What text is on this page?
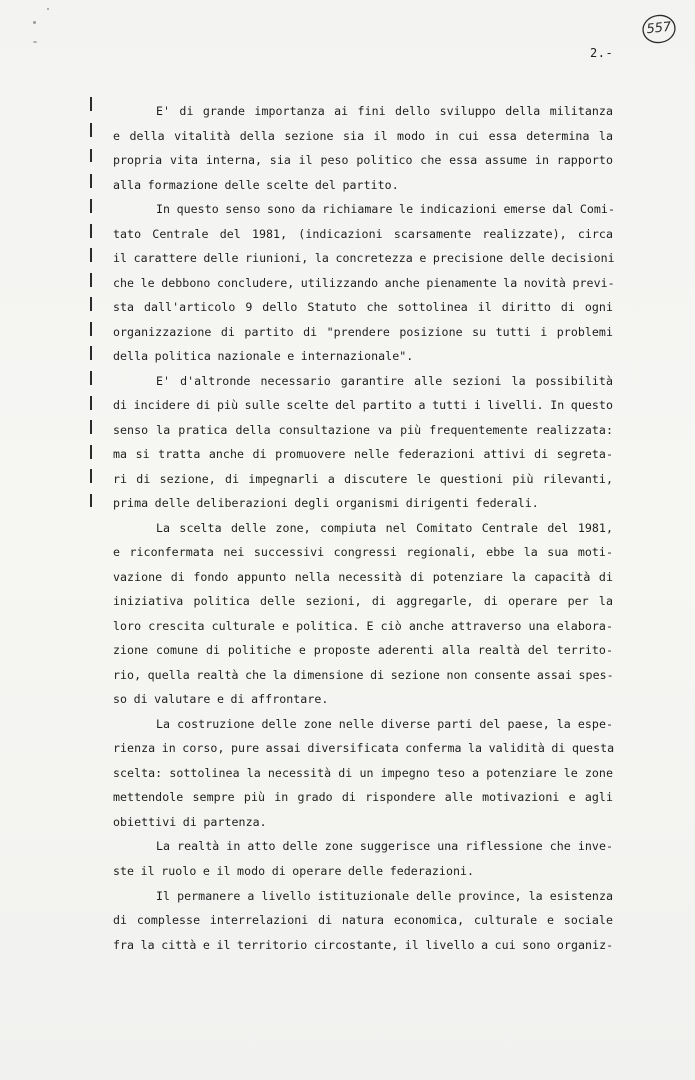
557
2.-
E' di grande importanza ai fini dello sviluppo della militanza
e della vitalità della sezione sia il modo in cui essa determina la
propria vita interna, sia il peso politico che essa assume in rapporto
alla formazione delle scelte del partito.
In questo senso sono da richiamare le indicazioni emerse dal Comi-
tato Centrale del 1981, (indicazioni scarsamente realizzate), circa
il carattere delle riunioni, la concretezza e precisione delle decisioni
che le debbono concludere, utilizzando anche pienamente la novità previ-
sta dall'articolo 9 dello Statuto che sottolinea il diritto di ogni
organizzazione di partito di "prendere posizione su tutti i problemi
della politica nazionale e internazionale".
E' d'altronde necessario garantire alle sezioni la possibilità
di incidere di più sulle scelte del partito a tutti i livelli. In questo
senso la pratica della consultazione va più frequentemente realizzata:
ma si tratta anche di promuovere nelle federazioni attivi di segreta-
ri di sezione, di impegnarli a discutere le questioni più rilevanti,
prima delle deliberazioni degli organismi dirigenti federali.
La scelta delle zone, compiuta nel Comitato Centrale del 1981,
e riconfermata nei successivi congressi regionali, ebbe la sua moti-
vazione di fondo appunto nella necessità di potenziare la capacità di
iniziativa politica delle sezioni, di aggregarle, di operare per la
loro crescita culturale e politica. E ciò anche attraverso una elabora-
zione comune di politiche e proposte aderenti alla realtà del territo-
rio, quella realtà che la dimensione di sezione non consente assai spes-
so di valutare e di affrontare.
La costruzione delle zone nelle diverse parti del paese, la espe-
rienza in corso, pure assai diversificata conferma la validità di questa
scelta: sottolinea la necessità di un impegno teso a potenziare le zone
mettendole sempre più in grado di rispondere alle motivazioni e agli
obiettivi di partenza.
La realtà in atto delle zone suggerisce una riflessione che inve-
ste il ruolo e il modo di operare delle federazioni.
Il permanere a livello istituzionale delle province, la esistenza
di complesse interrelazioni di natura economica, culturale e sociale
fra la città e il territorio circostante, il livello a cui sono organiz-
